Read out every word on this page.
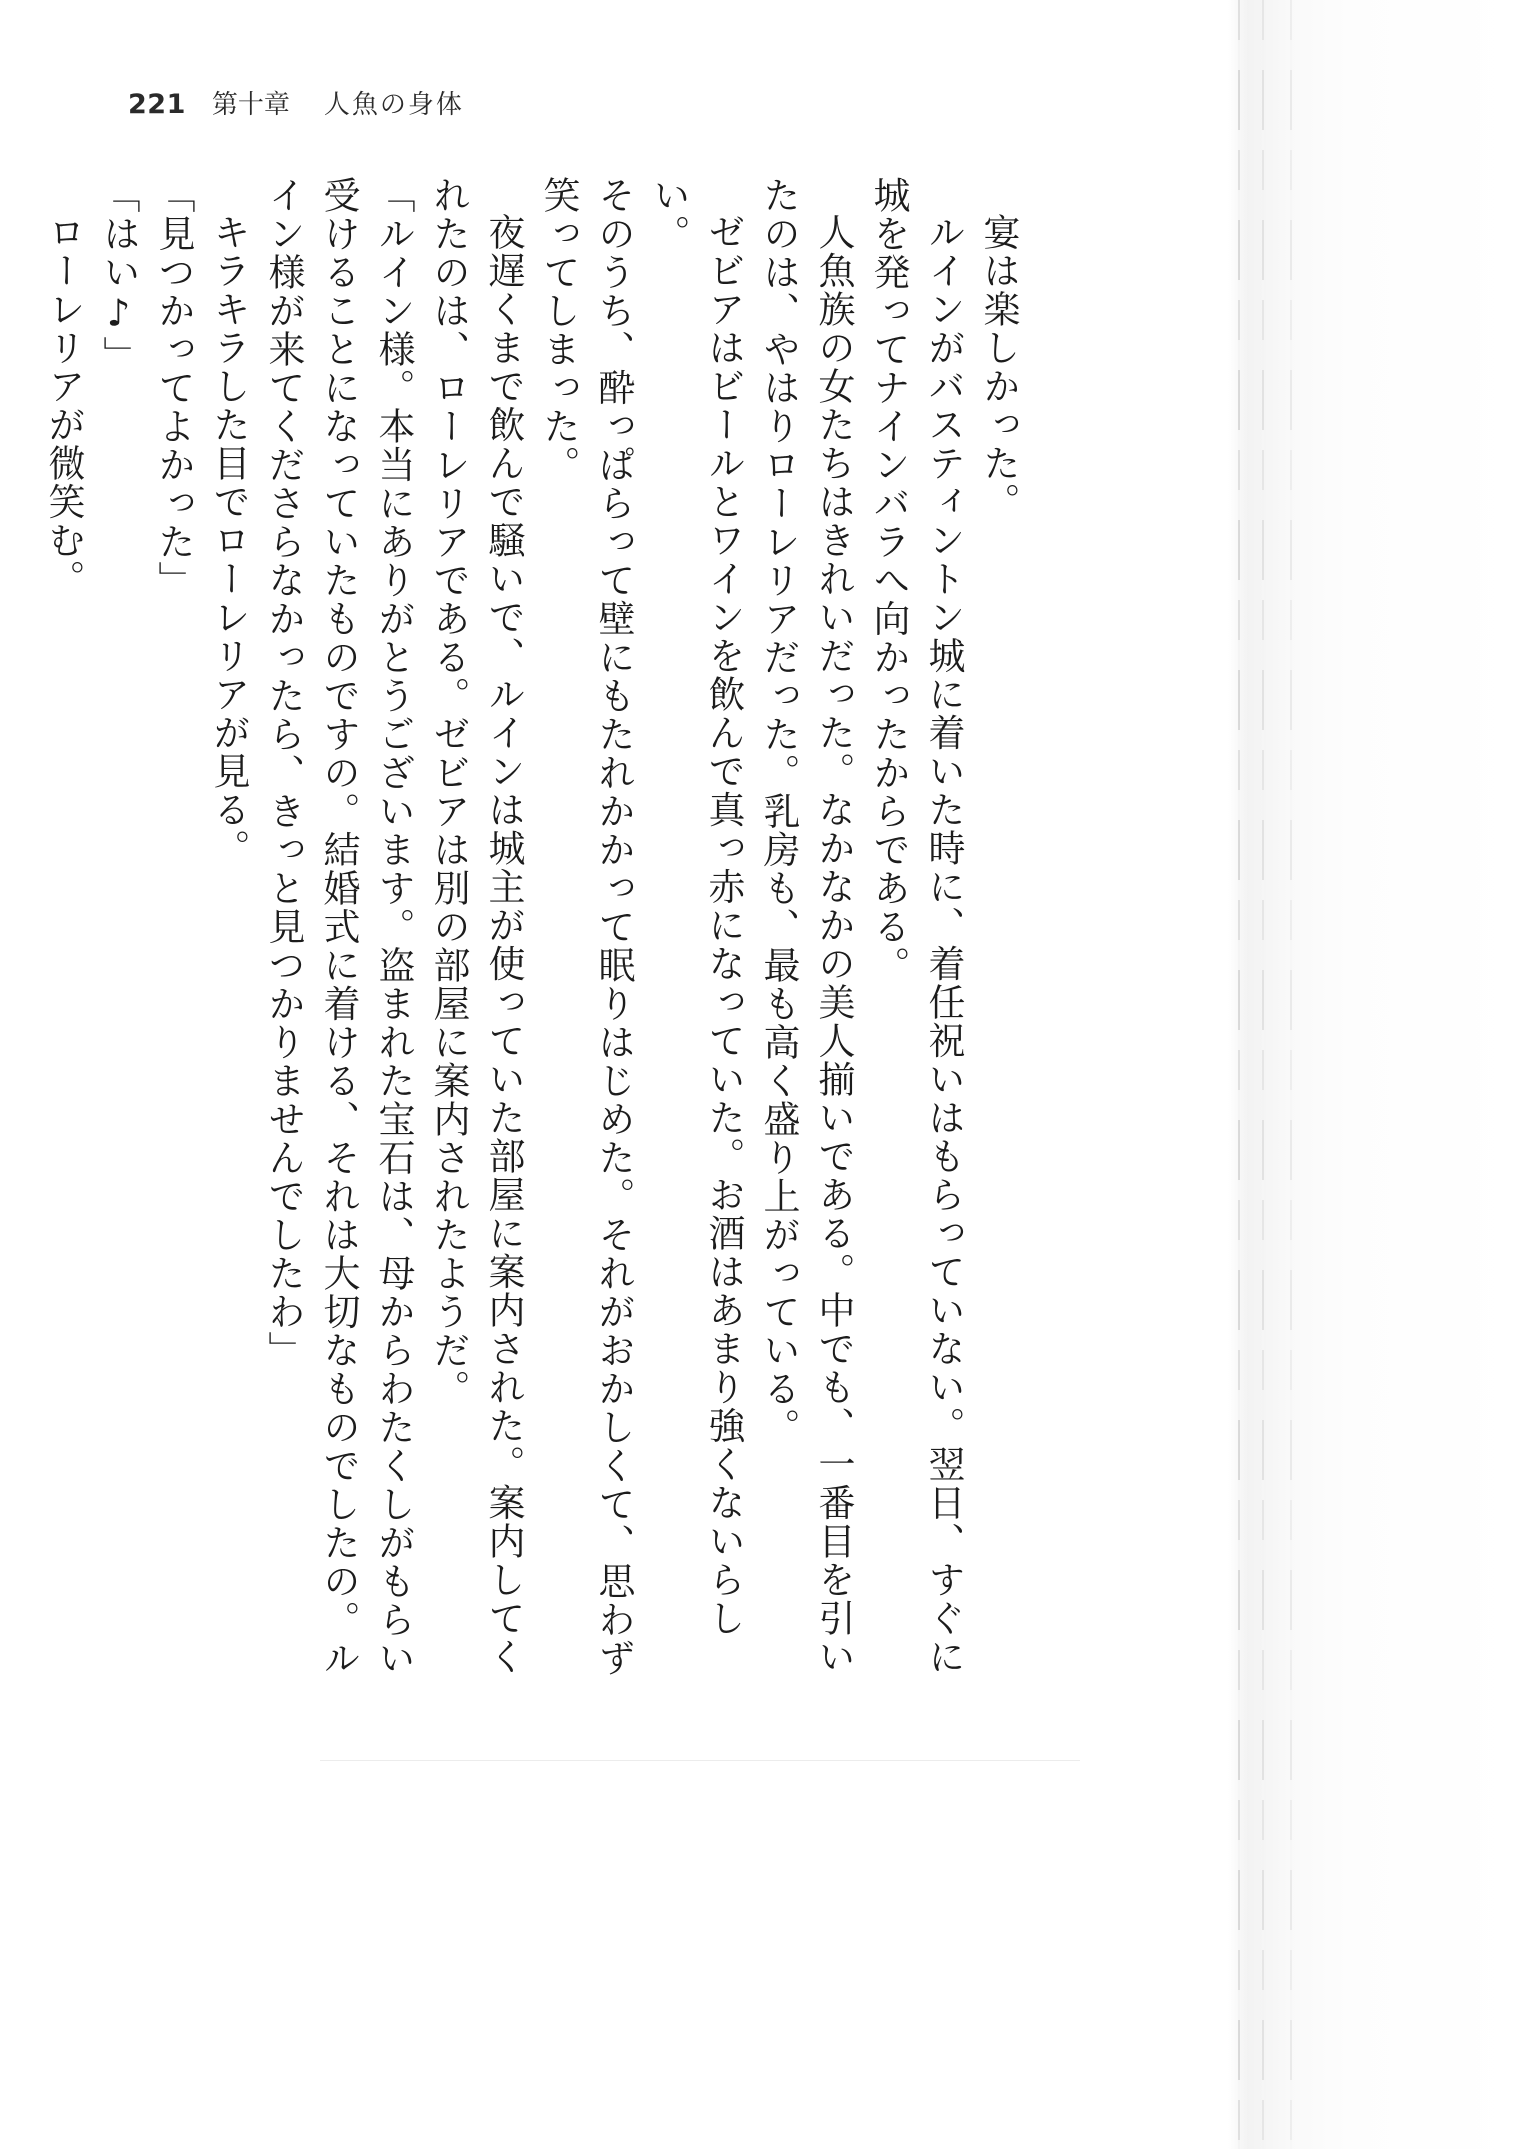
221 第十章 人魚の身体

宴は楽しかった。

ルインがバスティントン城に着いた時に、着任祝いはもらっていない。翌日、すぐに城を発ってナインバラへ向かったからである。

人魚族の女たちはきれいだった。なかなかの美人揃いである。中でも、一番目を引いたのは、やはりローレリアだった。乳房も、最も高く盛り上がっている。

ゼビアはビールとワインを飲んで真っ赤になっていた。お酒はあまり強くないらしい。

そのうち、酔っぱらって壁にもたれかかって眠りはじめた。それがおかしくて、思わず笑ってしまった。

夜遅くまで飲んで騒いで、ルインは城主が使っていた部屋に案内された。案内してくれたのは、ローレリアである。ゼビアは別の部屋に案内されたようだ。

「ルイン様。本当にありがとうございます。盗まれた宝石は、母からわたくしがもらい受けることになっていたものですの。結婚式に着ける、それは大切なものでしたの。ルイン様が来てくださらなかったら、きっと見つかりませんでしたわ」

キラキラした目でローレリアが見る。

「見つかってよかった」

「はい♪」

ローレリアが微笑む。
